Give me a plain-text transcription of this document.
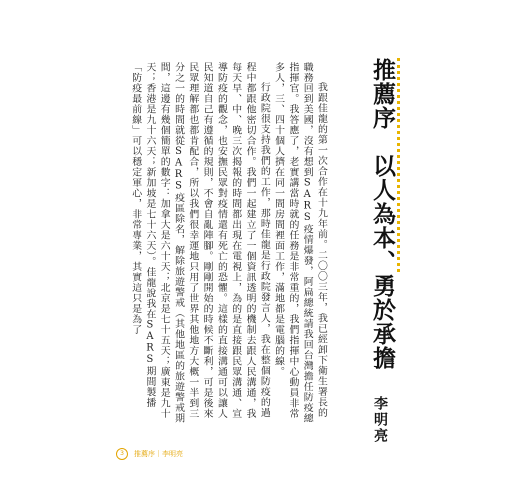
推薦序　以人為本、勇於承擔
李明亮

我跟佳龍的第一次合作在十九年前。二〇〇三年，我已經卸下衛生署長的職務回到美國，沒有想到SARS疫情爆發，阿扁總統請我回台灣擔任防疫總指揮官。我答應了，老實講當時就的任務是非常重的，我們指揮中心動員非常多人，三、四十個人擠在同一間房間裡面工作，滿地都是電腦的線。

行政院很支持我們的工作，那時佳龍是行政院發言人，我在整個防疫的過程中都跟他密切合作。我們一起建立了一個資訊透明的機制去跟人民溝通，我每天早、中、晚三次揭報的時間都出現在電視上，為的是直接跟民眾溝通、宣導防疫的觀念，也安撫民眾對疫情還有死亡的恐懼。這樣的直接溝通可以讓人民知道自己有遵循的規則，不會自亂陣腳。剛剛開始的時候不斷利，可是後來民眾理解都也都肯配合，所以我們很幸運地只用了世界其他地方大概一半到三分之一的時間就從SARS疫區除名，解除旅遊警戒（其他地區的旅遊警戒期間，這邊有幾個簡單的數字：加拿大是六十天；北京是七十五天；廣東是九十天；香港是九十六天；新加坡是七十六天）。佳龍說我在SARS期間製播「防疫最前線」可以穩定軍心，非常專業，其實這只是為了

3	推薦序｜李明亮
